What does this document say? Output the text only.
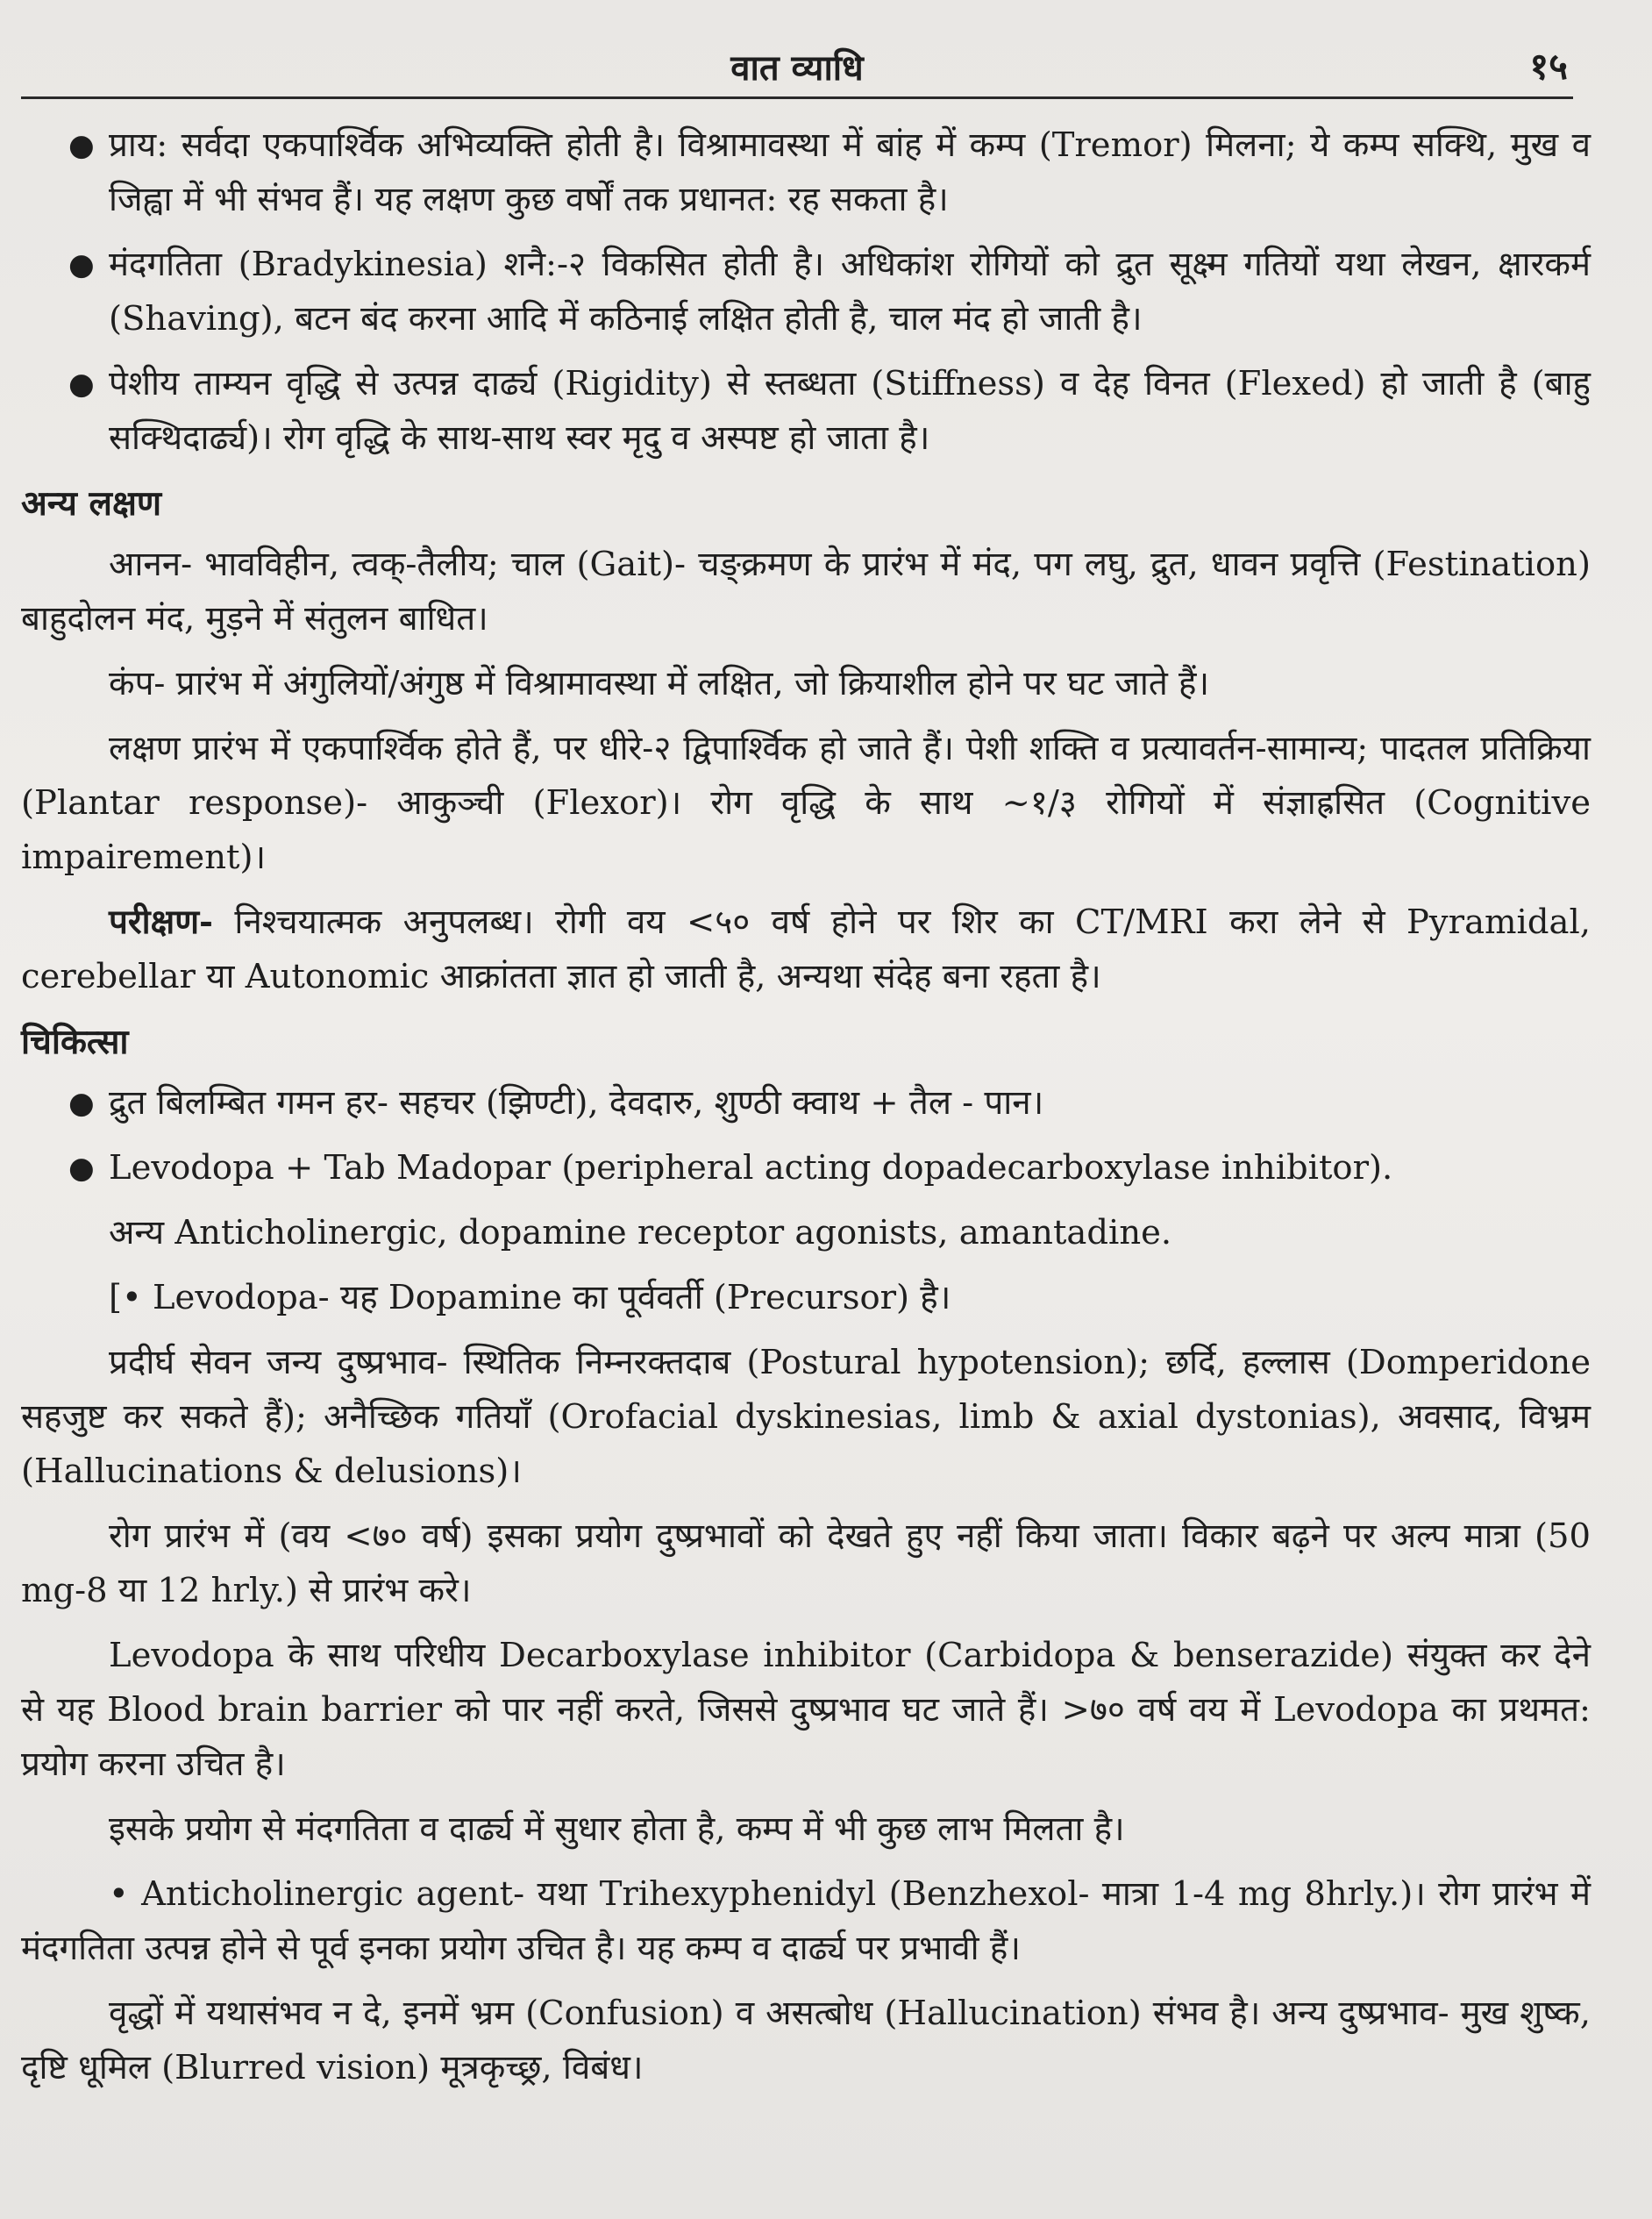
वात व्याधि	१५
● प्राय: सर्वदा एकपार्श्विक अभिव्यक्ति होती है। विश्रामावस्था में बांह में कम्प (Tremor) मिलना; ये कम्प सक्थि, मुख व जिह्वा में भी संभव हैं। यह लक्षण कुछ वर्षों तक प्रधानत: रह सकता है।
● मंदगतिता (Bradykinesia) शनै:-२ विकसित होती है। अधिकांश रोगियों को द्रुत सूक्ष्म गतियों यथा लेखन, क्षारकर्म (Shaving), बटन बंद करना आदि में कठिनाई लक्षित होती है, चाल मंद हो जाती है।
● पेशीय ताम्यन वृद्धि से उत्पन्न दार्ढ्य (Rigidity) से स्तब्धता (Stiffness) व देह विनत (Flexed) हो जाती है (बाहु सक्थिदार्ढ्य)। रोग वृद्धि के साथ-साथ स्वर मृदु व अस्पष्ट हो जाता है।
अन्य लक्षण

आनन- भावविहीन, त्वक्-तैलीय; चाल (Gait)- चङ्क्रमण के प्रारंभ में मंद, पग लघु, द्रुत, धावन प्रवृत्ति (Festination) बाहुदोलन मंद, मुड़ने में संतुलन बाधित।

कंप- प्रारंभ में अंगुलियों/अंगुष्ठ में विश्रामावस्था में लक्षित, जो क्रियाशील होने पर घट जाते हैं।

लक्षण प्रारंभ में एकपार्श्विक होते हैं, पर धीरे-२ द्विपार्श्विक हो जाते हैं। पेशी शक्ति व प्रत्यावर्तन-सामान्य; पादतल प्रतिक्रिया (Plantar response)- आकुञ्ची (Flexor)। रोग वृद्धि के साथ ~१/३ रोगियों में संज्ञाह्रसित (Cognitive impairement)।

परीक्षण- निश्चयात्मक अनुपलब्ध। रोगी वय <५० वर्ष होने पर शिर का CT/MRI करा लेने से Pyramidal, cerebellar या Autonomic आक्रांतता ज्ञात हो जाती है, अन्यथा संदेह बना रहता है।

चिकित्सा
● द्रुत बिलम्बित गमन हर- सहचर (झिण्टी), देवदारु, शुण्ठी क्वाथ + तैल - पान।
● Levodopa + Tab Madopar (peripheral acting dopadecarboxylase inhibitor).
अन्य Anticholinergic, dopamine receptor agonists, amantadine.
[• Levodopa- यह Dopamine का पूर्ववर्ती (Precursor) है।

प्रदीर्घ सेवन जन्य दुष्प्रभाव- स्थितिक निम्नरक्तदाब (Postural hypotension); छर्दि, हल्लास (Domperidone सहजुष्ट कर सकते हैं); अनैच्छिक गतियाँ (Orofacial dyskinesias, limb & axial dystonias), अवसाद, विभ्रम (Hallucinations & delusions)।

रोग प्रारंभ में (वय <७० वर्ष) इसका प्रयोग दुष्प्रभावों को देखते हुए नहीं किया जाता। विकार बढ़ने पर अल्प मात्रा (50 mg-8 या 12 hrly.) से प्रारंभ करे।

Levodopa के साथ परिधीय Decarboxylase inhibitor (Carbidopa & benserazide) संयुक्त कर देने से यह Blood brain barrier को पार नहीं करते, जिससे दुष्प्रभाव घट जाते हैं। >७० वर्ष वय में Levodopa का प्रथमत: प्रयोग करना उचित है।

इसके प्रयोग से मंदगतिता व दार्ढ्य में सुधार होता है, कम्प में भी कुछ लाभ मिलता है।

• Anticholinergic agent- यथा Trihexyphenidyl (Benzhexol- मात्रा 1-4 mg 8hrly.)। रोग प्रारंभ में मंदगतिता उत्पन्न होने से पूर्व इनका प्रयोग उचित है। यह कम्प व दार्ढ्य पर प्रभावी हैं।

वृद्धों में यथासंभव न दे, इनमें भ्रम (Confusion) व असत्बोध (Hallucination) संभव है। अन्य दुष्प्रभाव- मुख शुष्क, दृष्टि धूमिल (Blurred vision) मूत्रकृच्छ्र, विबंध।
